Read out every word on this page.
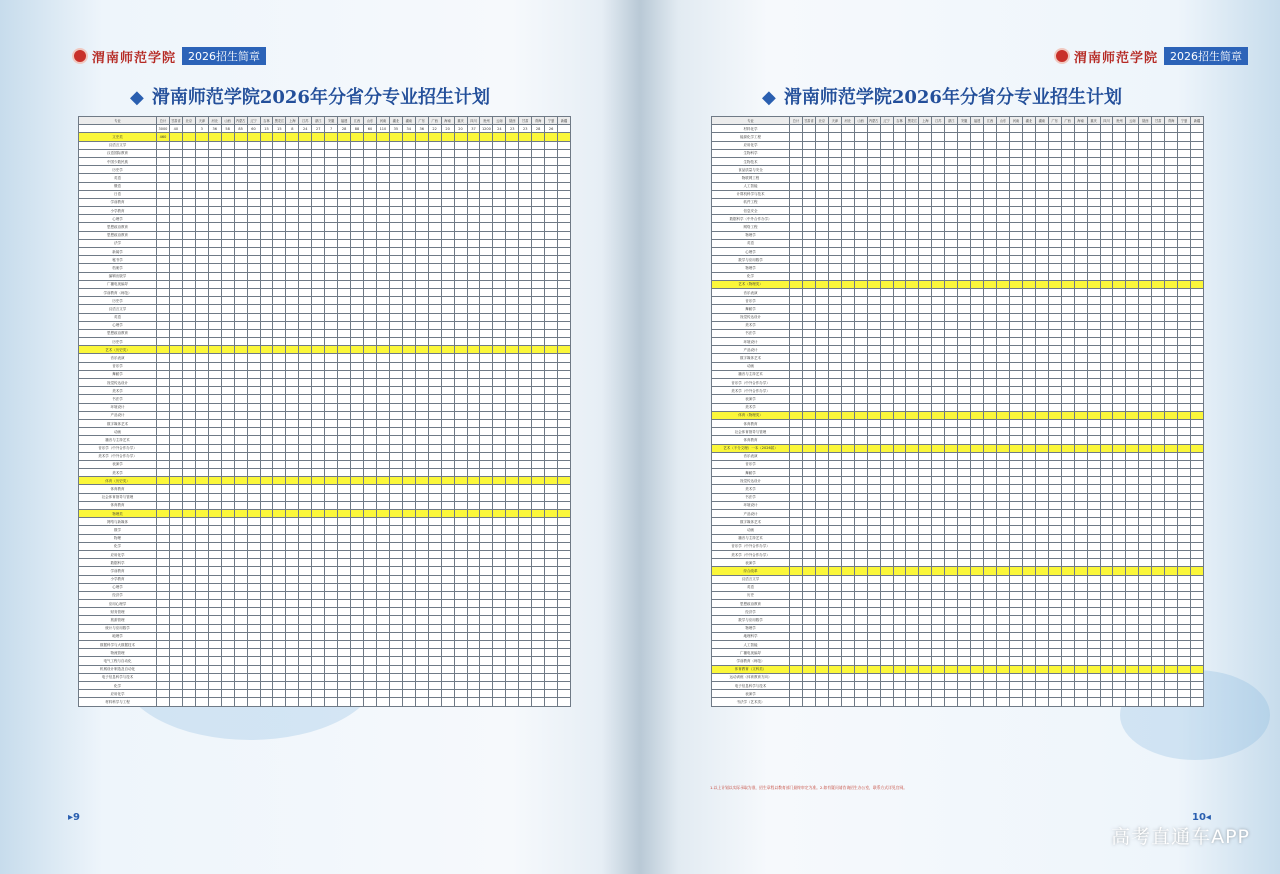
渭南师范学院	2026招生简章
◆ 滑南师范学院2026年分省分专业招生计划
专业	总计	甘肃省	北京	天津	河北	山西	内蒙古	辽宁	吉林	黑龙江	上海	江苏	浙江	安徽	福建	江西	山东	河南	湖北	湖南	广东	广西	海南	重庆	四川	贵州	云南	陕西	甘肃	青海	宁夏	新疆
	3000	40		3	36	58	85	60	15	15	8	24	27	7	28	88	60	110	35	34	36	22	20	20	37	1200	24	23	23	28	26	
文史类	460																															
汉语言文学																																
汉语国际教育																																
中国少数民族																																
历史学																																
英语																																
俄语																																
日语																																
学前教育																																
小学教育																																
心理学																																
思想政治教育																																
思想政治教育																																
法学																																
新闻学																																
秘书学																																
档案学																																
编辑出版学																																
广播电视编导																																
学前教育（师范）																																
历史学																																
汉语言文学																																
英语																																
心理学																																
思想政治教育																																
历史学																																
艺术（历史类）																																
音乐表演																																
音乐学																																
舞蹈学																																
视觉传达设计																																
美术学																																
书法学																																
环境设计																																
产品设计																																
数字媒体艺术																																
动画																																
播音与主持艺术																																
音乐学（中外合作办学）																																
美术学（中外合作办学）																																
表演学																																
美术学																																
体育（历史类）																																
体育教育																																
社会体育指导与管理																																
体育教育																																
物理类																																
网络与新媒体																																
数学																																
物理																																
化学																																
应用化学																																
数据科学																																
学前教育																																
小学教育																																
心理学																																
经济学																																
应用心理学																																
财务管理																																
旅游管理																																
统计与应用数学																																
地理学																																
数据科学与大数据技术																																
物流管理																																
电气工程与自动化																																
机械设计制造及自动化																																
电子信息科学与技术																																
化学																																
应用化学																																
材料科学与工程																																
▸9
渭南师范学院	2026招生简章
◆ 滑南师范学院2026年分省分专业招生计划
专业	总计	甘肃省	北京	天津	河北	山西	内蒙古	辽宁	吉林	黑龙江	上海	江苏	浙江	安徽	福建	江西	山东	河南	湖北	湖南	广东	广西	海南	重庆	四川	贵州	云南	陕西	甘肃	青海	宁夏	新疆
材料化学																																
能源化学工程																																
应用化学																																
生物科学																																
生物技术																																
食品质量与安全																																
物联网工程																																
人工智能																																
计算机科学与技术																																
软件工程																																
信息安全																																
数据科学（中外合作办学）																																
网络工程																																
物理学																																
英语																																
心理学																																
数学与应用数学																																
物理学																																
化学																																
艺术（物理类）																																
音乐表演																																
音乐学																																
舞蹈学																																
视觉传达设计																																
美术学																																
书法学																																
环境设计																																
产品设计																																
数字媒体艺术																																
动画																																
播音与主持艺术																																
音乐学（中外合作办学）																																
美术学（中外合作办学）																																
表演学																																
美术学																																
体育（物理类）																																
体育教育																																
社会体育指导与管理																																
体育教育																																
艺术（不分文理）一本（2026届）																																
音乐表演																																
音乐学																																
舞蹈学																																
视觉传达设计																																
美术学																																
书法学																																
环境设计																																
产品设计																																
数字媒体艺术																																
动画																																
播音与主持艺术																																
音乐学（中外合作办学）																																
美术学（中外合作办学）																																
表演学																																
综合改革																																
汉语言文学																																
英语																																
历史																																
思想政治教育																																
经济学																																
数学与应用数学																																
物理学																																
地理科学																																
人工智能																																
广播电视编导																																
学前教育（师范）																																
体育教育（文科类）																																
运动训练（体育教育方向）																																
电子信息科学与技术																																
表演学																																
书法学（艺术类）																																
10◂
1.以上计划以实际录取为准，招生章程以教育部门最终审定为准。2.如有疑问请咨询招生办公室，联系方式详见官网。
高考直通车APP
